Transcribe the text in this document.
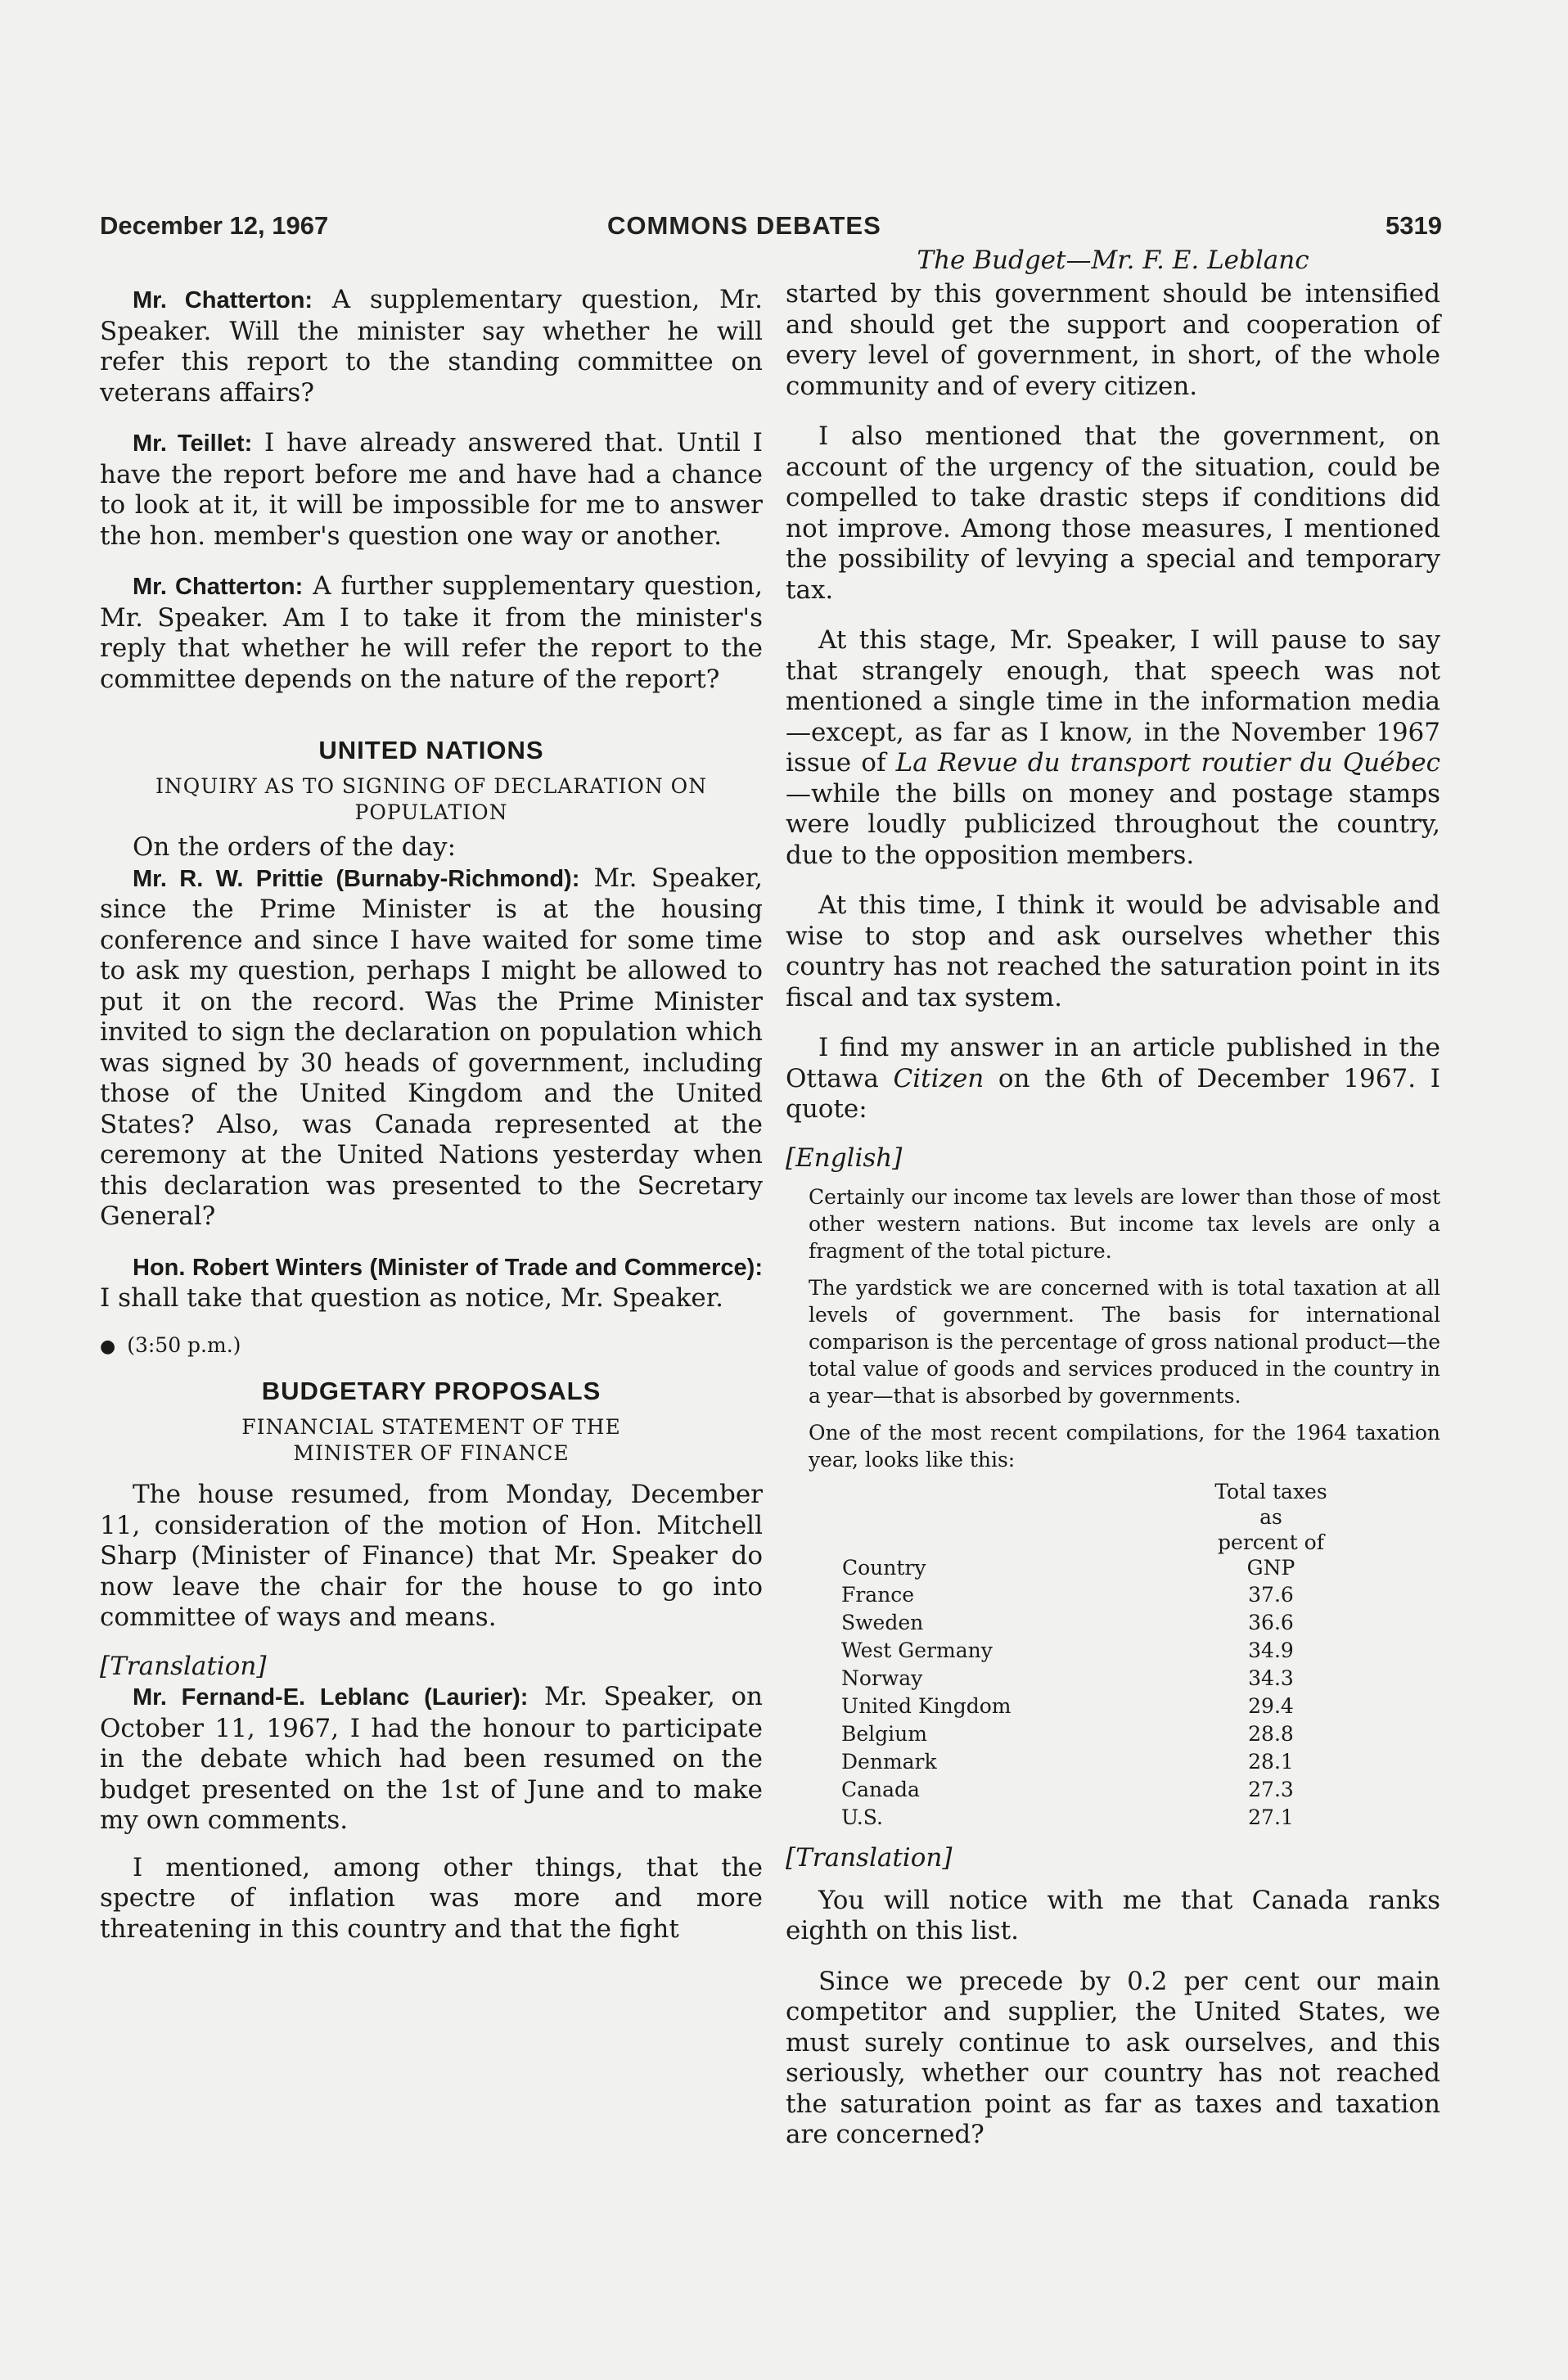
December 12, 1967	COMMONS DEBATES	5319

Mr. Chatterton: A supplementary question, Mr. Speaker. Will the minister say whether he will refer this report to the standing committee on veterans affairs?

Mr. Teillet: I have already answered that. Until I have the report before me and have had a chance to look at it, it will be impossible for me to answer the hon. member's question one way or another.

Mr. Chatterton: A further supplementary question, Mr. Speaker. Am I to take it from the minister's reply that whether he will refer the report to the committee depends on the nature of the report?

UNITED NATIONS
INQUIRY AS TO SIGNING OF DECLARATION ON POPULATION

On the orders of the day:

Mr. R. W. Prittie (Burnaby-Richmond): Mr. Speaker, since the Prime Minister is at the housing conference and since I have waited for some time to ask my question, perhaps I might be allowed to put it on the record. Was the Prime Minister invited to sign the declaration on population which was signed by 30 heads of government, including those of the United Kingdom and the United States? Also, was Canada represented at the ceremony at the United Nations yesterday when this declaration was presented to the Secretary General?

Hon. Robert Winters (Minister of Trade and Commerce): I shall take that question as notice, Mr. Speaker.

● (3:50 p.m.)

BUDGETARY PROPOSALS
FINANCIAL STATEMENT OF THE MINISTER OF FINANCE

The house resumed, from Monday, December 11, consideration of the motion of Hon. Mitchell Sharp (Minister of Finance) that Mr. Speaker do now leave the chair for the house to go into committee of ways and means.

[Translation]

Mr. Fernand-E. Leblanc (Laurier): Mr. Speaker, on October 11, 1967, I had the honour to participate in the debate which had been resumed on the budget presented on the 1st of June and to make my own comments.

I mentioned, among other things, that the spectre of inflation was more and more threatening in this country and that the fight

The Budget—Mr. F. E. Leblanc

started by this government should be intensified and should get the support and cooperation of every level of government, in short, of the whole community and of every citizen.

I also mentioned that the government, on account of the urgency of the situation, could be compelled to take drastic steps if conditions did not improve. Among those measures, I mentioned the possibility of levying a special and temporary tax.

At this stage, Mr. Speaker, I will pause to say that strangely enough, that speech was not mentioned a single time in the information media—except, as far as I know, in the November 1967 issue of La Revue du transport routier du Québec—while the bills on money and postage stamps were loudly publicized throughout the country, due to the opposition members.

At this time, I think it would be advisable and wise to stop and ask ourselves whether this country has not reached the saturation point in its fiscal and tax system.

I find my answer in an article published in the Ottawa Citizen on the 6th of December 1967. I quote:

[English]

Certainly our income tax levels are lower than those of most other western nations. But income tax levels are only a fragment of the total picture.

The yardstick we are concerned with is total taxation at all levels of government. The basis for international comparison is the percentage of gross national product—the total value of goods and services produced in the country in a year—that is absorbed by governments.

One of the most recent compilations, for the 1964 taxation year, looks like this:

Country	Total taxes as
percent of GNP
France	37.6
Sweden	36.6
West Germany	34.9
Norway	34.3
United Kingdom	29.4
Belgium	28.8
Denmark	28.1
Canada	27.3
U.S.	27.1

[Translation]

You will notice with me that Canada ranks eighth on this list.

Since we precede by 0.2 per cent our main competitor and supplier, the United States, we must surely continue to ask ourselves, and this seriously, whether our country has not reached the saturation point as far as taxes and taxation are concerned?
